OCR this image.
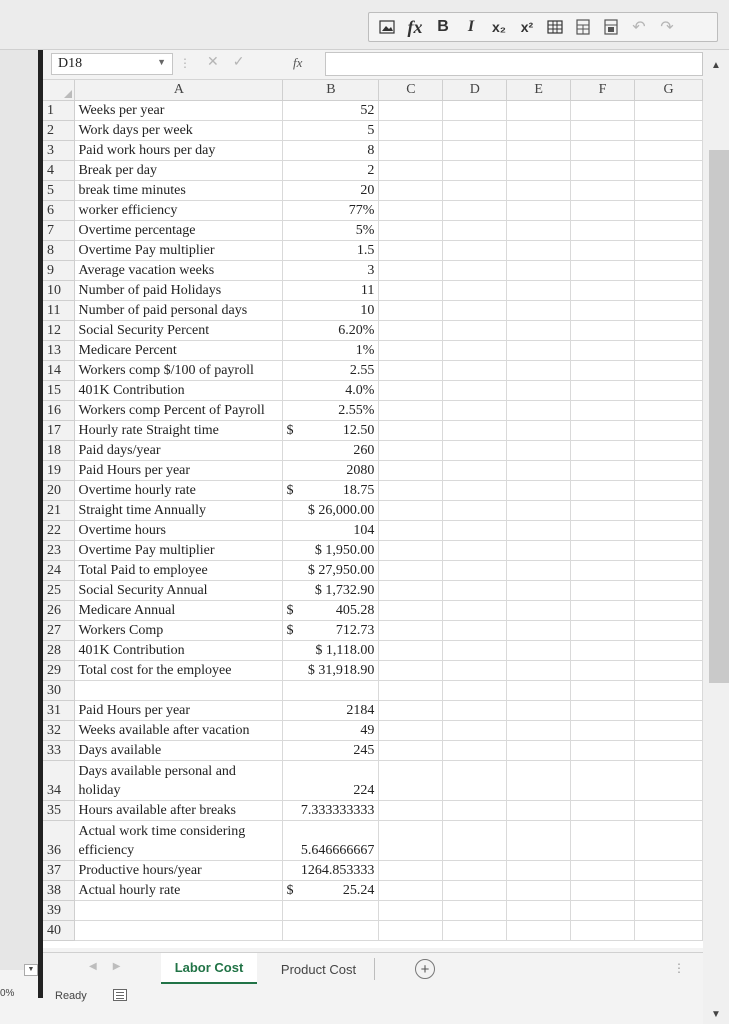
fx B	I	x₂	x²	↶ ↷
▼
0%
D18	▼ ⋮ ✕ ✓	fx
	A	B	C	D	E	F	G
1	Weeks per year	52					
2	Work days per week	5					
3	Paid work hours per day	8					
4	Break per day	2					
5	break time minutes	20					
6	worker efficiency	77%					
7	Overtime percentage	5%					
8	Overtime Pay multiplier	1.5					
9	Average vacation weeks	3					
10	Number of paid Holidays	11					
11	Number of paid personal days	10					
12	Social Security Percent	6.20%					
13	Medicare Percent	1%					
14	Workers comp $/100 of payroll	2.55					
15	401K Contribution	4.0%					
16	Workers comp Percent of Payroll	2.55%					
17	Hourly rate Straight time	$ 12.50					

18	Paid days/year	260					
19	Paid Hours per year	2080					
20	Overtime hourly rate	$ 18.75					

21	Straight time Annually	$ 26,000.00					
22	Overtime hours	104					
23	Overtime Pay multiplier	$ 1,950.00					
24	Total Paid to employee	$ 27,950.00					
25	Social Security Annual	$ 1,732.90					
26	Medicare Annual	$ 405.28					

27	Workers Comp	$ 712.73					

28	401K Contribution	$ 1,118.00					
29	Total cost for the employee	$ 31,918.90					
30							
31	Paid Hours per year	2184					
32	Weeks available after vacation	49					
33	Days available	245					
34	Days available personal and holiday	224					
35	Hours available after breaks	7.333333333					
36	Actual work time considering efficiency	5.646666667					
37	Productive hours/year	1264.853333					
38	Actual hourly rate	$ 25.24					

39							
40							
▲
▼
◀ ▶	Labor Cost	Product Cost	+	⋮
Ready
